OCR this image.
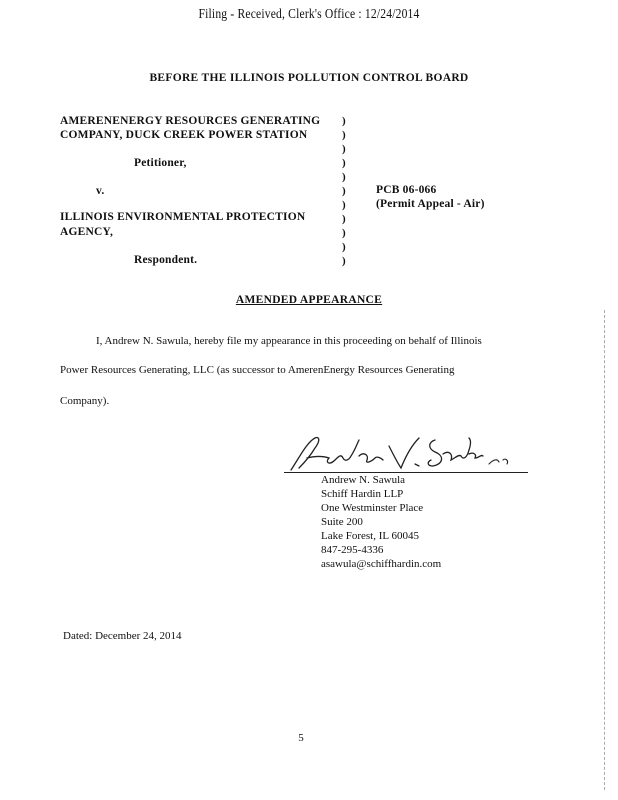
Filing - Received, Clerk's Office : 12/24/2014
BEFORE THE ILLINOIS POLLUTION CONTROL BOARD
AMERENENERGY RESOURCES GENERATING
COMPANY, DUCK CREEK POWER STATION
Petitioner,
v.
ILLINOIS ENVIRONMENTAL PROTECTION
AGENCY,
Respondent.
)
)
)
)
)
)
)
)
)
)
)
PCB 06-066
(Permit Appeal - Air)
AMENDED APPEARANCE
I, Andrew N. Sawula, hereby file my appearance in this proceeding on behalf of Illinois
Power Resources Generating, LLC (as successor to AmerenEnergy Resources Generating
Company).
Andrew N. Sawula
Schiff Hardin LLP
One Westminster Place
Suite 200
Lake Forest, IL 60045
847-295-4336
asawula@schiffhardin.com
Dated: December 24, 2014
5
